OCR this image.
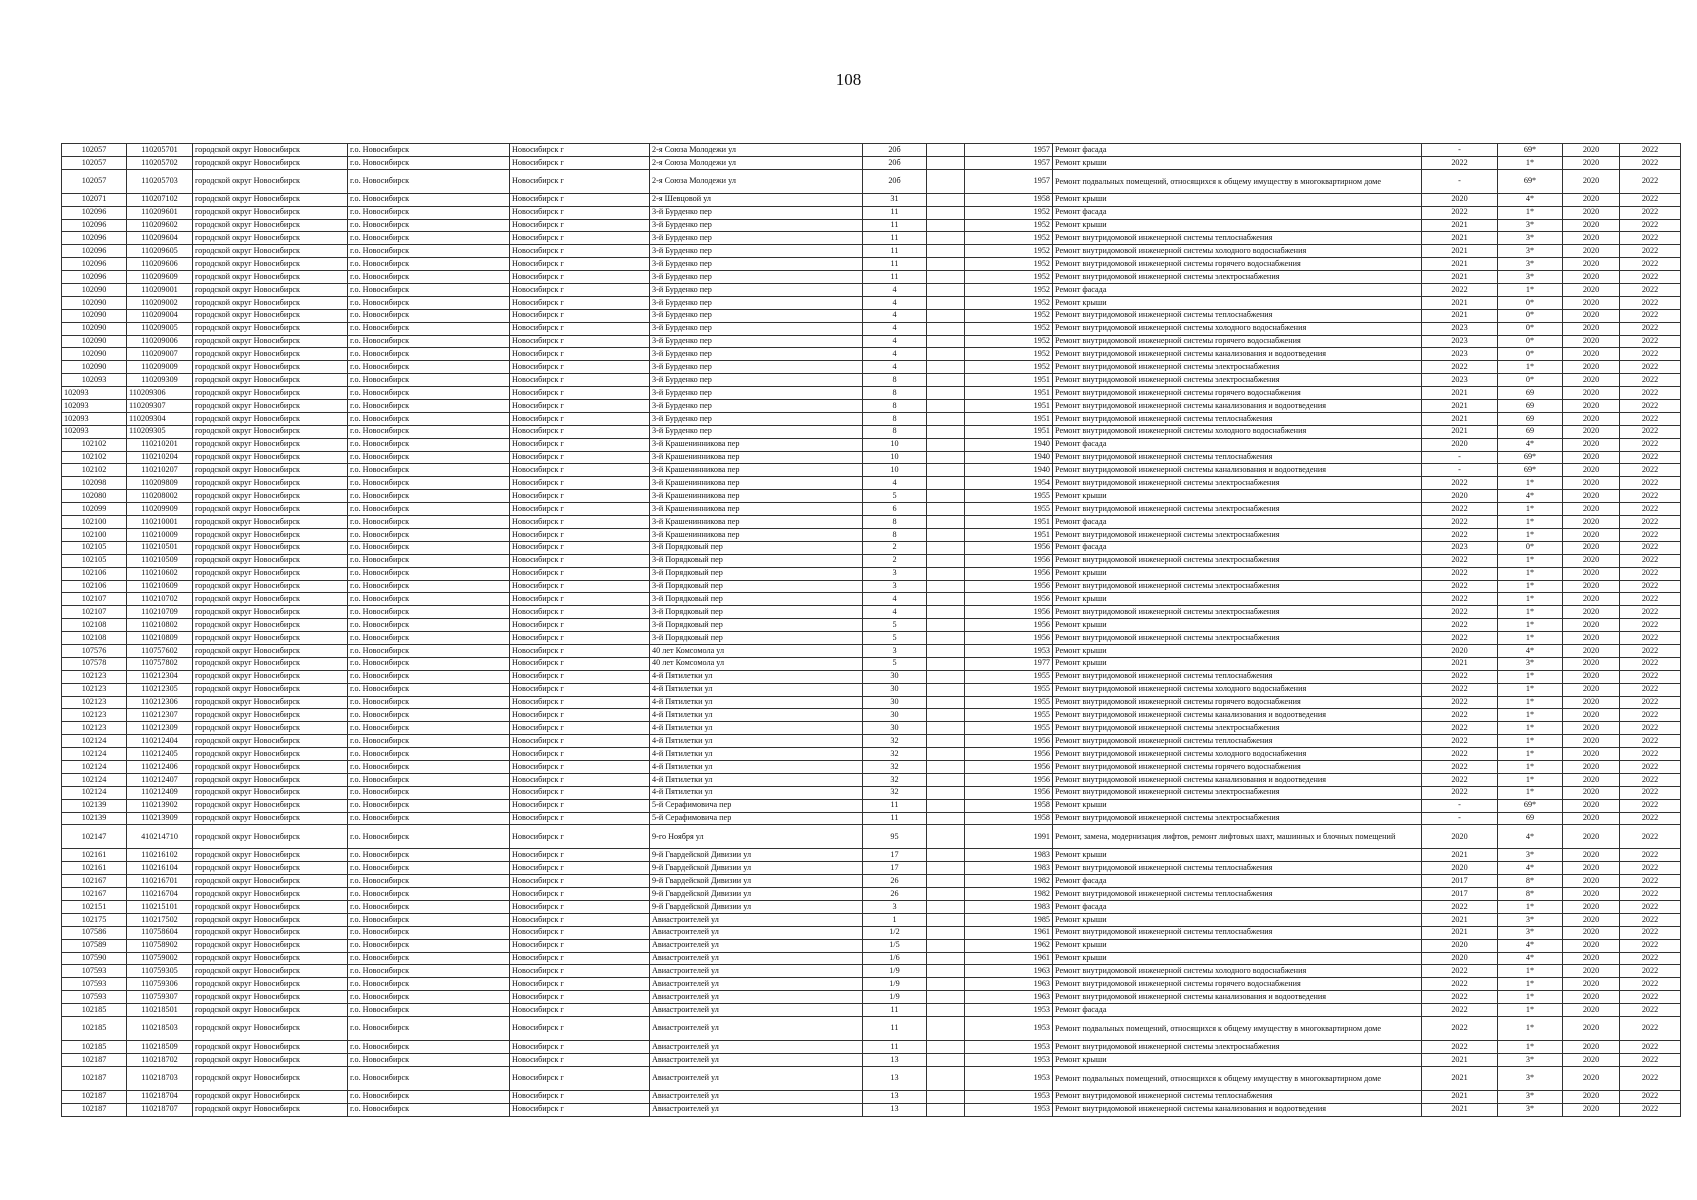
108
102057	110205701	городской округ Новосибирск	г.о. Новосибирск	Новосибирск г	2-я Союза Молодежи ул	20б		1957	Ремонт фасада	-	69*	2020	2022
102057	110205702	городской округ Новосибирск	г.о. Новосибирск	Новосибирск г	2-я Союза Молодежи ул	20б		1957	Ремонт крыши	2022	1*	2020	2022
102057	110205703	городской округ Новосибирск	г.о. Новосибирск	Новосибирск г	2-я Союза Молодежи ул	20б		1957	Ремонт подвальных помещений, относящихся к общему имуществу в многоквартирном доме	-	69*	2020	2022
102071	110207102	городской округ Новосибирск	г.о. Новосибирск	Новосибирск г	2-я Шевцовой ул	31		1958	Ремонт крыши	2020	4*	2020	2022
102096	110209601	городской округ Новосибирск	г.о. Новосибирск	Новосибирск г	3-й Бурденко пер	11		1952	Ремонт фасада	2022	1*	2020	2022
102096	110209602	городской округ Новосибирск	г.о. Новосибирск	Новосибирск г	3-й Бурденко пер	11		1952	Ремонт крыши	2021	3*	2020	2022
102096	110209604	городской округ Новосибирск	г.о. Новосибирск	Новосибирск г	3-й Бурденко пер	11		1952	Ремонт внутридомовой инженерной системы теплоснабжения	2021	3*	2020	2022
102096	110209605	городской округ Новосибирск	г.о. Новосибирск	Новосибирск г	3-й Бурденко пер	11		1952	Ремонт внутридомовой инженерной системы холодного водоснабжения	2021	3*	2020	2022
102096	110209606	городской округ Новосибирск	г.о. Новосибирск	Новосибирск г	3-й Бурденко пер	11		1952	Ремонт внутридомовой инженерной системы горячего водоснабжения	2021	3*	2020	2022
102096	110209609	городской округ Новосибирск	г.о. Новосибирск	Новосибирск г	3-й Бурденко пер	11		1952	Ремонт внутридомовой инженерной системы электроснабжения	2021	3*	2020	2022
102090	110209001	городской округ Новосибирск	г.о. Новосибирск	Новосибирск г	3-й Бурденко пер	4		1952	Ремонт фасада	2022	1*	2020	2022
102090	110209002	городской округ Новосибирск	г.о. Новосибирск	Новосибирск г	3-й Бурденко пер	4		1952	Ремонт крыши	2021	0*	2020	2022
102090	110209004	городской округ Новосибирск	г.о. Новосибирск	Новосибирск г	3-й Бурденко пер	4		1952	Ремонт внутридомовой инженерной системы теплоснабжения	2021	0*	2020	2022
102090	110209005	городской округ Новосибирск	г.о. Новосибирск	Новосибирск г	3-й Бурденко пер	4		1952	Ремонт внутридомовой инженерной системы холодного водоснабжения	2023	0*	2020	2022
102090	110209006	городской округ Новосибирск	г.о. Новосибирск	Новосибирск г	3-й Бурденко пер	4		1952	Ремонт внутридомовой инженерной системы горячего водоснабжения	2023	0*	2020	2022
102090	110209007	городской округ Новосибирск	г.о. Новосибирск	Новосибирск г	3-й Бурденко пер	4		1952	Ремонт внутридомовой инженерной системы канализования и водоотведения	2023	0*	2020	2022
102090	110209009	городской округ Новосибирск	г.о. Новосибирск	Новосибирск г	3-й Бурденко пер	4		1952	Ремонт внутридомовой инженерной системы электроснабжения	2022	1*	2020	2022
102093	110209309	городской округ Новосибирск	г.о. Новосибирск	Новосибирск г	3-й Бурденко пер	8		1951	Ремонт внутридомовой инженерной системы электроснабжения	2023	0*	2020	2022
102093	110209306	городской округ Новосибирск	г.о. Новосибирск	Новосибирск г	3-й Бурденко пер	8		1951	Ремонт внутридомовой инженерной системы горячего водоснабжения	2021	69	2020	2022
102093	110209307	городской округ Новосибирск	г.о. Новосибирск	Новосибирск г	3-й Бурденко пер	8		1951	Ремонт внутридомовой инженерной системы канализования и водоотведения	2021	69	2020	2022
102093	110209304	городской округ Новосибирск	г.о. Новосибирск	Новосибирск г	3-й Бурденко пер	8		1951	Ремонт внутридомовой инженерной системы теплоснабжения	2021	69	2020	2022
102093	110209305	городской округ Новосибирск	г.о. Новосибирск	Новосибирск г	3-й Бурденко пер	8		1951	Ремонт внутридомовой инженерной системы холодного водоснабжения	2021	69	2020	2022
102102	110210201	городской округ Новосибирск	г.о. Новосибирск	Новосибирск г	3-й Крашенинникова пер	10		1940	Ремонт фасада	2020	4*	2020	2022
102102	110210204	городской округ Новосибирск	г.о. Новосибирск	Новосибирск г	3-й Крашенинникова пер	10		1940	Ремонт внутридомовой инженерной системы теплоснабжения	-	69*	2020	2022
102102	110210207	городской округ Новосибирск	г.о. Новосибирск	Новосибирск г	3-й Крашенинникова пер	10		1940	Ремонт внутридомовой инженерной системы канализования и водоотведения	-	69*	2020	2022
102098	110209809	городской округ Новосибирск	г.о. Новосибирск	Новосибирск г	3-й Крашенинникова пер	4		1954	Ремонт внутридомовой инженерной системы электроснабжения	2022	1*	2020	2022
102080	110208002	городской округ Новосибирск	г.о. Новосибирск	Новосибирск г	3-й Крашенинникова пер	5		1955	Ремонт крыши	2020	4*	2020	2022
102099	110209909	городской округ Новосибирск	г.о. Новосибирск	Новосибирск г	3-й Крашенинникова пер	6		1955	Ремонт внутридомовой инженерной системы электроснабжения	2022	1*	2020	2022
102100	110210001	городской округ Новосибирск	г.о. Новосибирск	Новосибирск г	3-й Крашенинникова пер	8		1951	Ремонт фасада	2022	1*	2020	2022
102100	110210009	городской округ Новосибирск	г.о. Новосибирск	Новосибирск г	3-й Крашенинникова пер	8		1951	Ремонт внутридомовой инженерной системы электроснабжения	2022	1*	2020	2022
102105	110210501	городской округ Новосибирск	г.о. Новосибирск	Новосибирск г	3-й Порядковый пер	2		1956	Ремонт фасада	2023	0*	2020	2022
102105	110210509	городской округ Новосибирск	г.о. Новосибирск	Новосибирск г	3-й Порядковый пер	2		1956	Ремонт внутридомовой инженерной системы электроснабжения	2022	1*	2020	2022
102106	110210602	городской округ Новосибирск	г.о. Новосибирск	Новосибирск г	3-й Порядковый пер	3		1956	Ремонт крыши	2022	1*	2020	2022
102106	110210609	городской округ Новосибирск	г.о. Новосибирск	Новосибирск г	3-й Порядковый пер	3		1956	Ремонт внутридомовой инженерной системы электроснабжения	2022	1*	2020	2022
102107	110210702	городской округ Новосибирск	г.о. Новосибирск	Новосибирск г	3-й Порядковый пер	4		1956	Ремонт крыши	2022	1*	2020	2022
102107	110210709	городской округ Новосибирск	г.о. Новосибирск	Новосибирск г	3-й Порядковый пер	4		1956	Ремонт внутридомовой инженерной системы электроснабжения	2022	1*	2020	2022
102108	110210802	городской округ Новосибирск	г.о. Новосибирск	Новосибирск г	3-й Порядковый пер	5		1956	Ремонт крыши	2022	1*	2020	2022
102108	110210809	городской округ Новосибирск	г.о. Новосибирск	Новосибирск г	3-й Порядковый пер	5		1956	Ремонт внутридомовой инженерной системы электроснабжения	2022	1*	2020	2022
107576	110757602	городской округ Новосибирск	г.о. Новосибирск	Новосибирск г	40 лет Комсомола ул	3		1953	Ремонт крыши	2020	4*	2020	2022
107578	110757802	городской округ Новосибирск	г.о. Новосибирск	Новосибирск г	40 лет Комсомола ул	5		1977	Ремонт крыши	2021	3*	2020	2022
102123	110212304	городской округ Новосибирск	г.о. Новосибирск	Новосибирск г	4-й Пятилетки ул	30		1955	Ремонт внутридомовой инженерной системы теплоснабжения	2022	1*	2020	2022
102123	110212305	городской округ Новосибирск	г.о. Новосибирск	Новосибирск г	4-й Пятилетки ул	30		1955	Ремонт внутридомовой инженерной системы холодного водоснабжения	2022	1*	2020	2022
102123	110212306	городской округ Новосибирск	г.о. Новосибирск	Новосибирск г	4-й Пятилетки ул	30		1955	Ремонт внутридомовой инженерной системы горячего водоснабжения	2022	1*	2020	2022
102123	110212307	городской округ Новосибирск	г.о. Новосибирск	Новосибирск г	4-й Пятилетки ул	30		1955	Ремонт внутридомовой инженерной системы канализования и водоотведения	2022	1*	2020	2022
102123	110212309	городской округ Новосибирск	г.о. Новосибирск	Новосибирск г	4-й Пятилетки ул	30		1955	Ремонт внутридомовой инженерной системы электроснабжения	2022	1*	2020	2022
102124	110212404	городской округ Новосибирск	г.о. Новосибирск	Новосибирск г	4-й Пятилетки ул	32		1956	Ремонт внутридомовой инженерной системы теплоснабжения	2022	1*	2020	2022
102124	110212405	городской округ Новосибирск	г.о. Новосибирск	Новосибирск г	4-й Пятилетки ул	32		1956	Ремонт внутридомовой инженерной системы холодного водоснабжения	2022	1*	2020	2022
102124	110212406	городской округ Новосибирск	г.о. Новосибирск	Новосибирск г	4-й Пятилетки ул	32		1956	Ремонт внутридомовой инженерной системы горячего водоснабжения	2022	1*	2020	2022
102124	110212407	городской округ Новосибирск	г.о. Новосибирск	Новосибирск г	4-й Пятилетки ул	32		1956	Ремонт внутридомовой инженерной системы канализования и водоотведения	2022	1*	2020	2022
102124	110212409	городской округ Новосибирск	г.о. Новосибирск	Новосибирск г	4-й Пятилетки ул	32		1956	Ремонт внутридомовой инженерной системы электроснабжения	2022	1*	2020	2022
102139	110213902	городской округ Новосибирск	г.о. Новосибирск	Новосибирск г	5-й Серафимовича пер	11		1958	Ремонт крыши	-	69*	2020	2022
102139	110213909	городской округ Новосибирск	г.о. Новосибирск	Новосибирск г	5-й Серафимовича пер	11		1958	Ремонт внутридомовой инженерной системы электроснабжения	-	69	2020	2022
102147	410214710	городской округ Новосибирск	г.о. Новосибирск	Новосибирск г	9-го Ноября ул	95		1991	Ремонт, замена, модернизация лифтов, ремонт лифтовых шахт, машинных и блочных помещений	2020	4*	2020	2022
102161	110216102	городской округ Новосибирск	г.о. Новосибирск	Новосибирск г	9-й Гвардейской Дивизии ул	17		1983	Ремонт крыши	2021	3*	2020	2022
102161	110216104	городской округ Новосибирск	г.о. Новосибирск	Новосибирск г	9-й Гвардейской Дивизии ул	17		1983	Ремонт внутридомовой инженерной системы теплоснабжения	2020	4*	2020	2022
102167	110216701	городской округ Новосибирск	г.о. Новосибирск	Новосибирск г	9-й Гвардейской Дивизии ул	26		1982	Ремонт фасада	2017	8*	2020	2022
102167	110216704	городской округ Новосибирск	г.о. Новосибирск	Новосибирск г	9-й Гвардейской Дивизии ул	26		1982	Ремонт внутридомовой инженерной системы теплоснабжения	2017	8*	2020	2022
102151	110215101	городской округ Новосибирск	г.о. Новосибирск	Новосибирск г	9-й Гвардейской Дивизии ул	3		1983	Ремонт фасада	2022	1*	2020	2022
102175	110217502	городской округ Новосибирск	г.о. Новосибирск	Новосибирск г	Авиастроителей ул	1		1985	Ремонт крыши	2021	3*	2020	2022
107586	110758604	городской округ Новосибирск	г.о. Новосибирск	Новосибирск г	Авиастроителей ул	1/2		1961	Ремонт внутридомовой инженерной системы теплоснабжения	2021	3*	2020	2022
107589	110758902	городской округ Новосибирск	г.о. Новосибирск	Новосибирск г	Авиастроителей ул	1/5		1962	Ремонт крыши	2020	4*	2020	2022
107590	110759002	городской округ Новосибирск	г.о. Новосибирск	Новосибирск г	Авиастроителей ул	1/6		1961	Ремонт крыши	2020	4*	2020	2022
107593	110759305	городской округ Новосибирск	г.о. Новосибирск	Новосибирск г	Авиастроителей ул	1/9		1963	Ремонт внутридомовой инженерной системы холодного водоснабжения	2022	1*	2020	2022
107593	110759306	городской округ Новосибирск	г.о. Новосибирск	Новосибирск г	Авиастроителей ул	1/9		1963	Ремонт внутридомовой инженерной системы горячего водоснабжения	2022	1*	2020	2022
107593	110759307	городской округ Новосибирск	г.о. Новосибирск	Новосибирск г	Авиастроителей ул	1/9		1963	Ремонт внутридомовой инженерной системы канализования и водоотведения	2022	1*	2020	2022
102185	110218501	городской округ Новосибирск	г.о. Новосибирск	Новосибирск г	Авиастроителей ул	11		1953	Ремонт фасада	2022	1*	2020	2022
102185	110218503	городской округ Новосибирск	г.о. Новосибирск	Новосибирск г	Авиастроителей ул	11		1953	Ремонт подвальных помещений, относящихся к общему имуществу в многоквартирном доме	2022	1*	2020	2022
102185	110218509	городской округ Новосибирск	г.о. Новосибирск	Новосибирск г	Авиастроителей ул	11		1953	Ремонт внутридомовой инженерной системы электроснабжения	2022	1*	2020	2022
102187	110218702	городской округ Новосибирск	г.о. Новосибирск	Новосибирск г	Авиастроителей ул	13		1953	Ремонт крыши	2021	3*	2020	2022
102187	110218703	городской округ Новосибирск	г.о. Новосибирск	Новосибирск г	Авиастроителей ул	13		1953	Ремонт подвальных помещений, относящихся к общему имуществу в многоквартирном доме	2021	3*	2020	2022
102187	110218704	городской округ Новосибирск	г.о. Новосибирск	Новосибирск г	Авиастроителей ул	13		1953	Ремонт внутридомовой инженерной системы теплоснабжения	2021	3*	2020	2022
102187	110218707	городской округ Новосибирск	г.о. Новосибирск	Новосибирск г	Авиастроителей ул	13		1953	Ремонт внутридомовой инженерной системы канализования и водоотведения	2021	3*	2020	2022
